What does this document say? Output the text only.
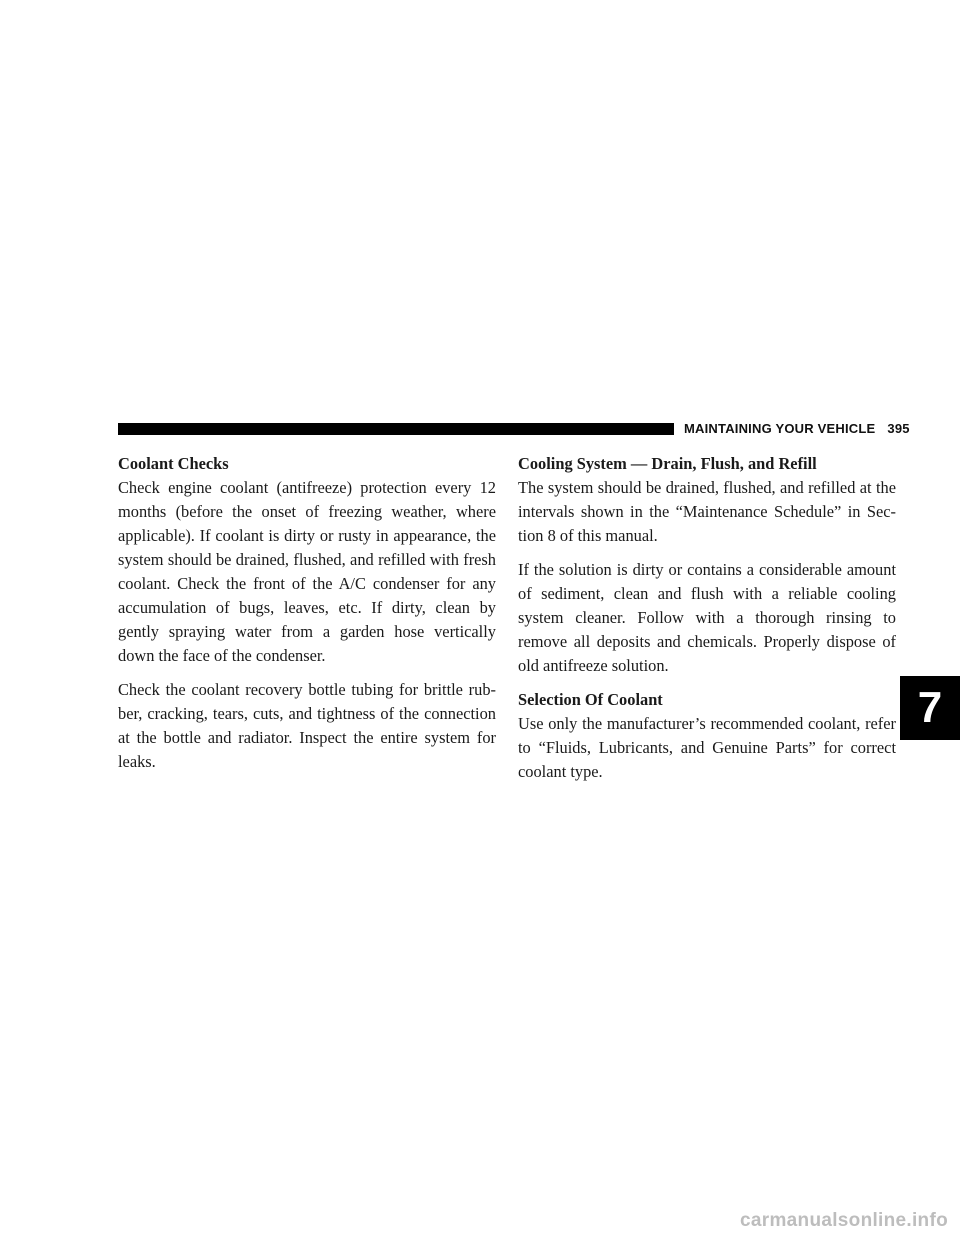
MAINTAINING YOUR VEHICLE 395

Coolant Checks

Check engine coolant (antifreeze) protection every 12 months (before the onset of freezing weather, where applicable). If coolant is dirty or rusty in appearance, the system should be drained, flushed, and refilled with fresh coolant. Check the front of the A/C condenser for any accumulation of bugs, leaves, etc. If dirty, clean by gently spraying water from a garden hose vertically down the face of the condenser.

Check the coolant recovery bottle tubing for brittle rubber, cracking, tears, cuts, and tightness of the connection at the bottle and radiator. Inspect the entire system for leaks.

Cooling System — Drain, Flush, and Refill

The system should be drained, flushed, and refilled at the intervals shown in the “Maintenance Schedule” in Section 8 of this manual.

If the solution is dirty or contains a considerable amount of sediment, clean and flush with a reliable cooling system cleaner. Follow with a thorough rinsing to remove all deposits and chemicals. Properly dispose of old antifreeze solution.

Selection Of Coolant

Use only the manufacturer’s recommended coolant, refer to “Fluids, Lubricants, and Genuine Parts” for correct coolant type.

7
carmanualsonline.info
